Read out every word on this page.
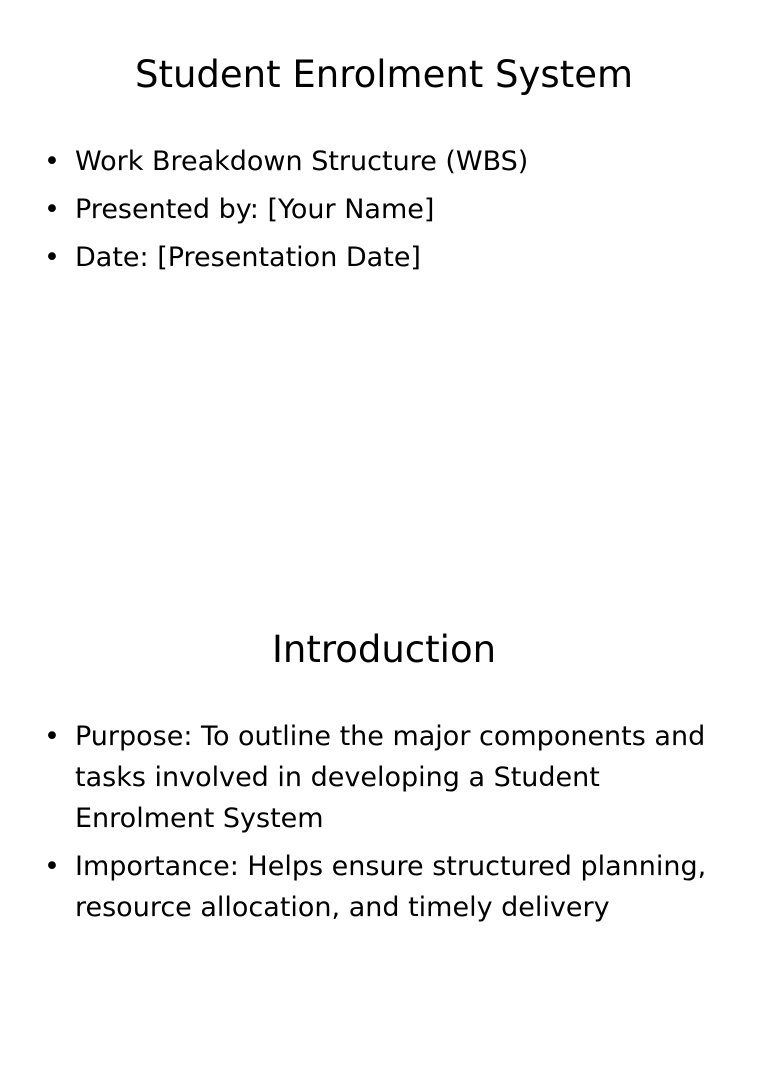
Student Enrolment System
• Work Breakdown Structure (WBS)
• Presented by: [Your Name]
• Date: [Presentation Date]
Introduction
• Purpose: To outline the major components and tasks involved in developing a Student Enrolment System
• Importance: Helps ensure structured planning, resource allocation, and timely delivery
